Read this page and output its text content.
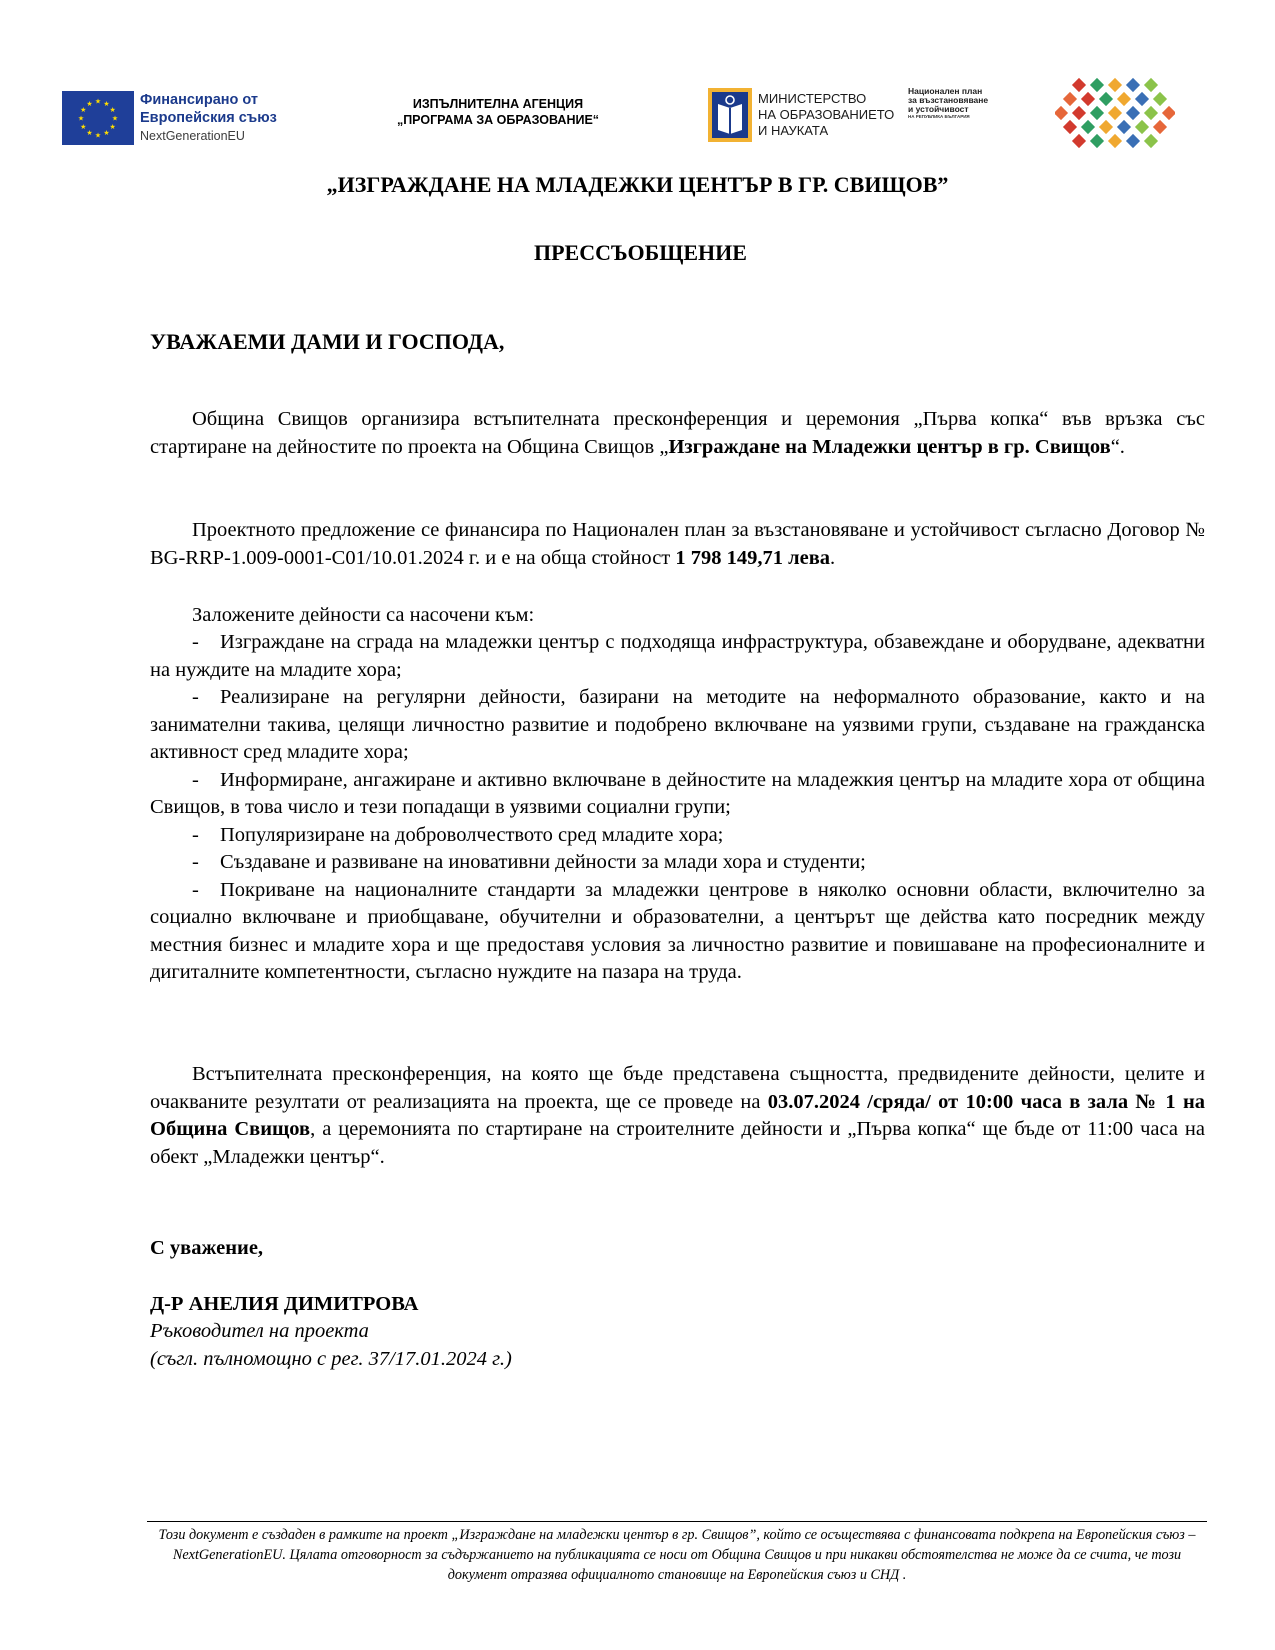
★ ★
★
★
★
★
★
★
★
★
★
★	Финансирано от
Европейския съюз
NextGenerationEU
ИЗПЪЛНИТЕЛНА АГЕНЦИЯ
„ПРОГРАМА ЗА ОБРАЗОВАНИЕ“
МИНИСТЕРСТВО
НА ОБРАЗОВАНИЕТО
И НАУКАТА
Национален план
за възстановяване
и устойчивост
НА РЕПУБЛИКА БЪЛГАРИЯ
„ИЗГРАЖДАНЕ НА МЛАДЕЖКИ ЦЕНТЪР В ГР. СВИЩОВ”
ПРЕССЪОБЩЕНИЕ
УВАЖАЕМИ ДАМИ И ГОСПОДА,

Община Свищов организира встъпителната пресконференция и церемония „Първа копка“ във връзка със стартиране на дейностите по проекта на Община Свищов „Изграждане на Младежки център в гр. Свищов“.

Проектното предложение се финансира по Национален план за възстановяване и устойчивост съгласно Договор № BG-RRP-1.009-0001-C01/10.01.2024 г. и е на обща стойност 1 798 149,71 лева.

Заложените дейности са насочени към:

- Изграждане на сграда на младежки център с подходяща инфраструктура, обзавеждане и оборудване, адекватни на нуждите на младите хора;

- Реализиране на регулярни дейности, базирани на методите на неформалното образование, както и на занимателни такива, целящи личностно развитие и подобрено включване на уязвими групи, създаване на гражданска активност сред младите хора;

- Информиране, ангажиране и активно включване в дейностите на младежкия център на младите хора от община Свищов, в това число и тези попадащи в уязвими социални групи;

- Популяризиране на доброволчеството сред младите хора;

- Създаване и развиване на иновативни дейности за млади хора и студенти;

- Покриване на националните стандарти за младежки центрове в няколко основни области, включително за социално включване и приобщаване, обучителни и образователни, а центърът ще действа като посредник между местния бизнес и младите хора и ще предоставя условия за личностно развитие и повишаване на професионалните и дигиталните компетентности, съгласно нуждите на пазара на труда.

Встъпителната пресконференция, на която ще бъде представена същността, предвидените дейности, целите и очакваните резултати от реализацията на проекта, ще се проведе на 03.07.2024 /сряда/ от 10:00 часа в зала № 1 на Община Свищов, а церемонията по стартиране на строителните дейности и „Първа копка“ ще бъде от 11:00 часа на обект „Младежки център“.

С уважение,
Д-Р АНЕЛИЯ ДИМИТРОВА
Ръководител на проекта
(съгл. пълномощно с рег. 37/17.01.2024 г.)
Този документ е създаден в рамките на проект „Изграждане на младежки център в гр. Свищов”, който се осъществява с финансовата подкрепа на Европейския съюз – NextGenerationEU. Цялата отговорност за съдържанието на публикацията се носи от Община Свищов и при никакви обстоятелства не може да се счита, че този документ отразява официалното становище на Европейския съюз и СНД .
